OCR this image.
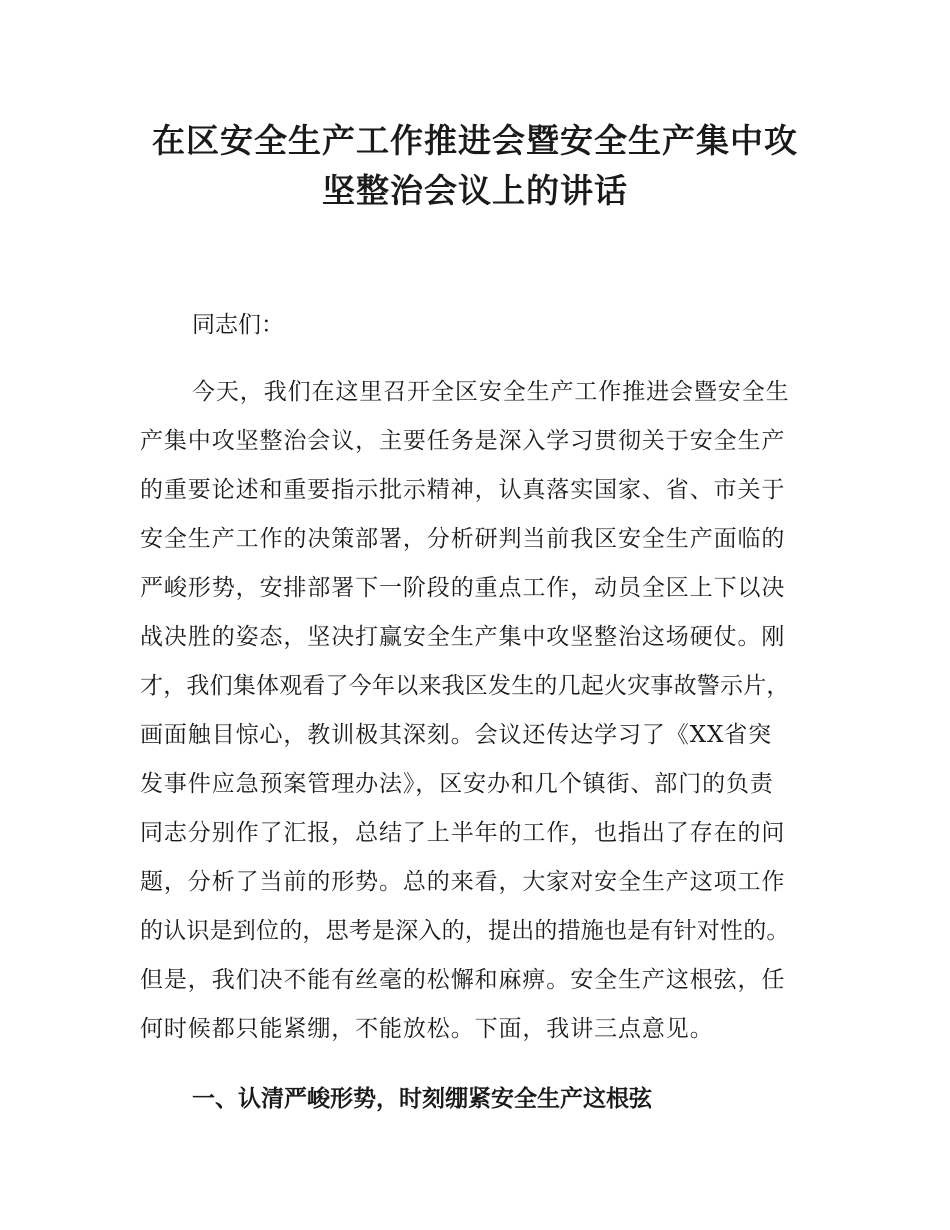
在区安全生产工作推进会暨安全生产集中攻
坚整治会议上的讲话

同志们：

今天，我们在这里召开全区安全生产工作推进会暨安全生
产集中攻坚整治会议，主要任务是深入学习贯彻关于安全生产
的重要论述和重要指示批示精神，认真落实国家、省、市关于
安全生产工作的决策部署，分析研判当前我区安全生产面临的
严峻形势，安排部署下一阶段的重点工作，动员全区上下以决
战决胜的姿态，坚决打赢安全生产集中攻坚整治这场硬仗。刚
才，我们集体观看了今年以来我区发生的几起火灾事故警示片，
画面触目惊心，教训极其深刻。会议还传达学习了《XX省突
发事件应急预案管理办法》，区安办和几个镇街、部门的负责
同志分别作了汇报，总结了上半年的工作，也指出了存在的问
题，分析了当前的形势。总的来看，大家对安全生产这项工作
的认识是到位的，思考是深入的，提出的措施也是有针对性的。
但是，我们决不能有丝毫的松懈和麻痹。安全生产这根弦，任
何时候都只能紧绷，不能放松。下面，我讲三点意见。
一、认清严峻形势，时刻绷紧安全生产这根弦
